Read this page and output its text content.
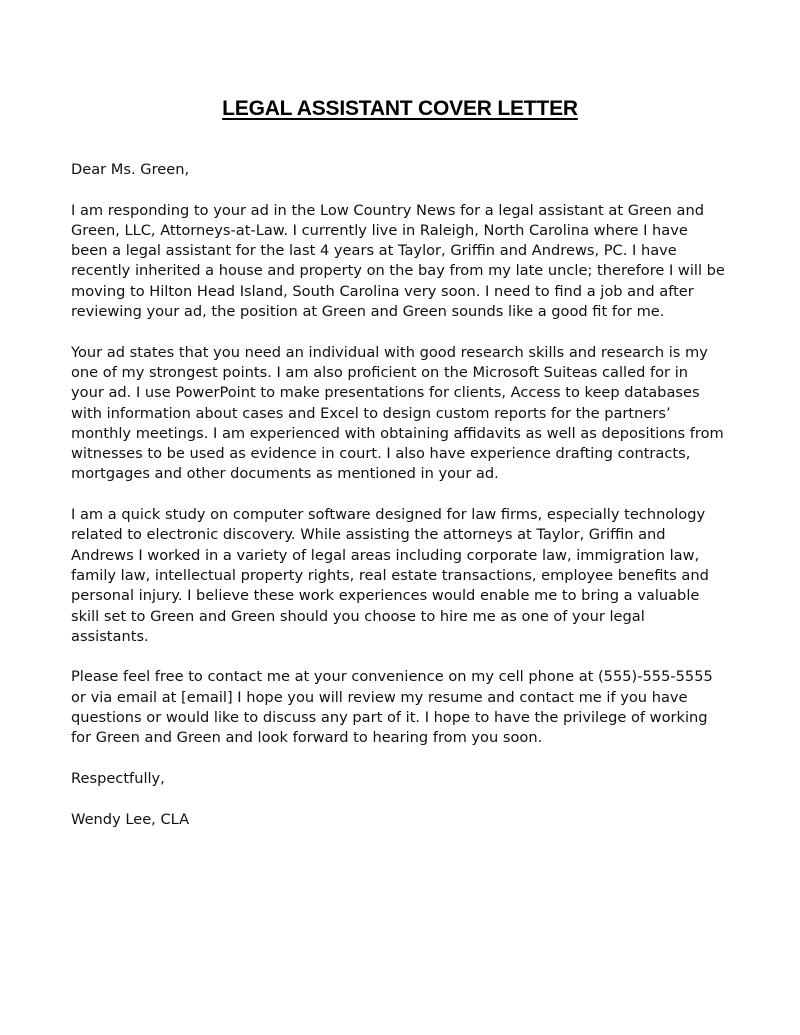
LEGAL ASSISTANT COVER LETTER

Dear Ms. Green,

I am responding to your ad in the Low Country News for a legal assistant at Green and Green, LLC, Attorneys-at-Law. I currently live in Raleigh, North Carolina where I have been a legal assistant for the last 4 years at Taylor, Griffin and Andrews, PC. I have recently inherited a house and property on the bay from my late uncle; therefore I will be moving to Hilton Head Island, South Carolina very soon. I need to find a job and after reviewing your ad, the position at Green and Green sounds like a good fit for me.

Your ad states that you need an individual with good research skills and research is my one of my strongest points. I am also proficient on the Microsoft Suiteas called for in your ad. I use PowerPoint to make presentations for clients, Access to keep databases with information about cases and Excel to design custom reports for the partners’ monthly meetings. I am experienced with obtaining affidavits as well as depositions from witnesses to be used as evidence in court. I also have experience drafting contracts, mortgages and other documents as mentioned in your ad.

I am a quick study on computer software designed for law firms, especially technology related to electronic discovery. While assisting the attorneys at Taylor, Griffin and Andrews I worked in a variety of legal areas including corporate law, immigration law, family law, intellectual property rights, real estate transactions, employee benefits and personal injury. I believe these work experiences would enable me to bring a valuable skill set to Green and Green should you choose to hire me as one of your legal assistants.

Please feel free to contact me at your convenience on my cell phone at (555)-555-5555 or via email at [email] I hope you will review my resume and contact me if you have questions or would like to discuss any part of it. I hope to have the privilege of working for Green and Green and look forward to hearing from you soon.

Respectfully,

Wendy Lee, CLA
